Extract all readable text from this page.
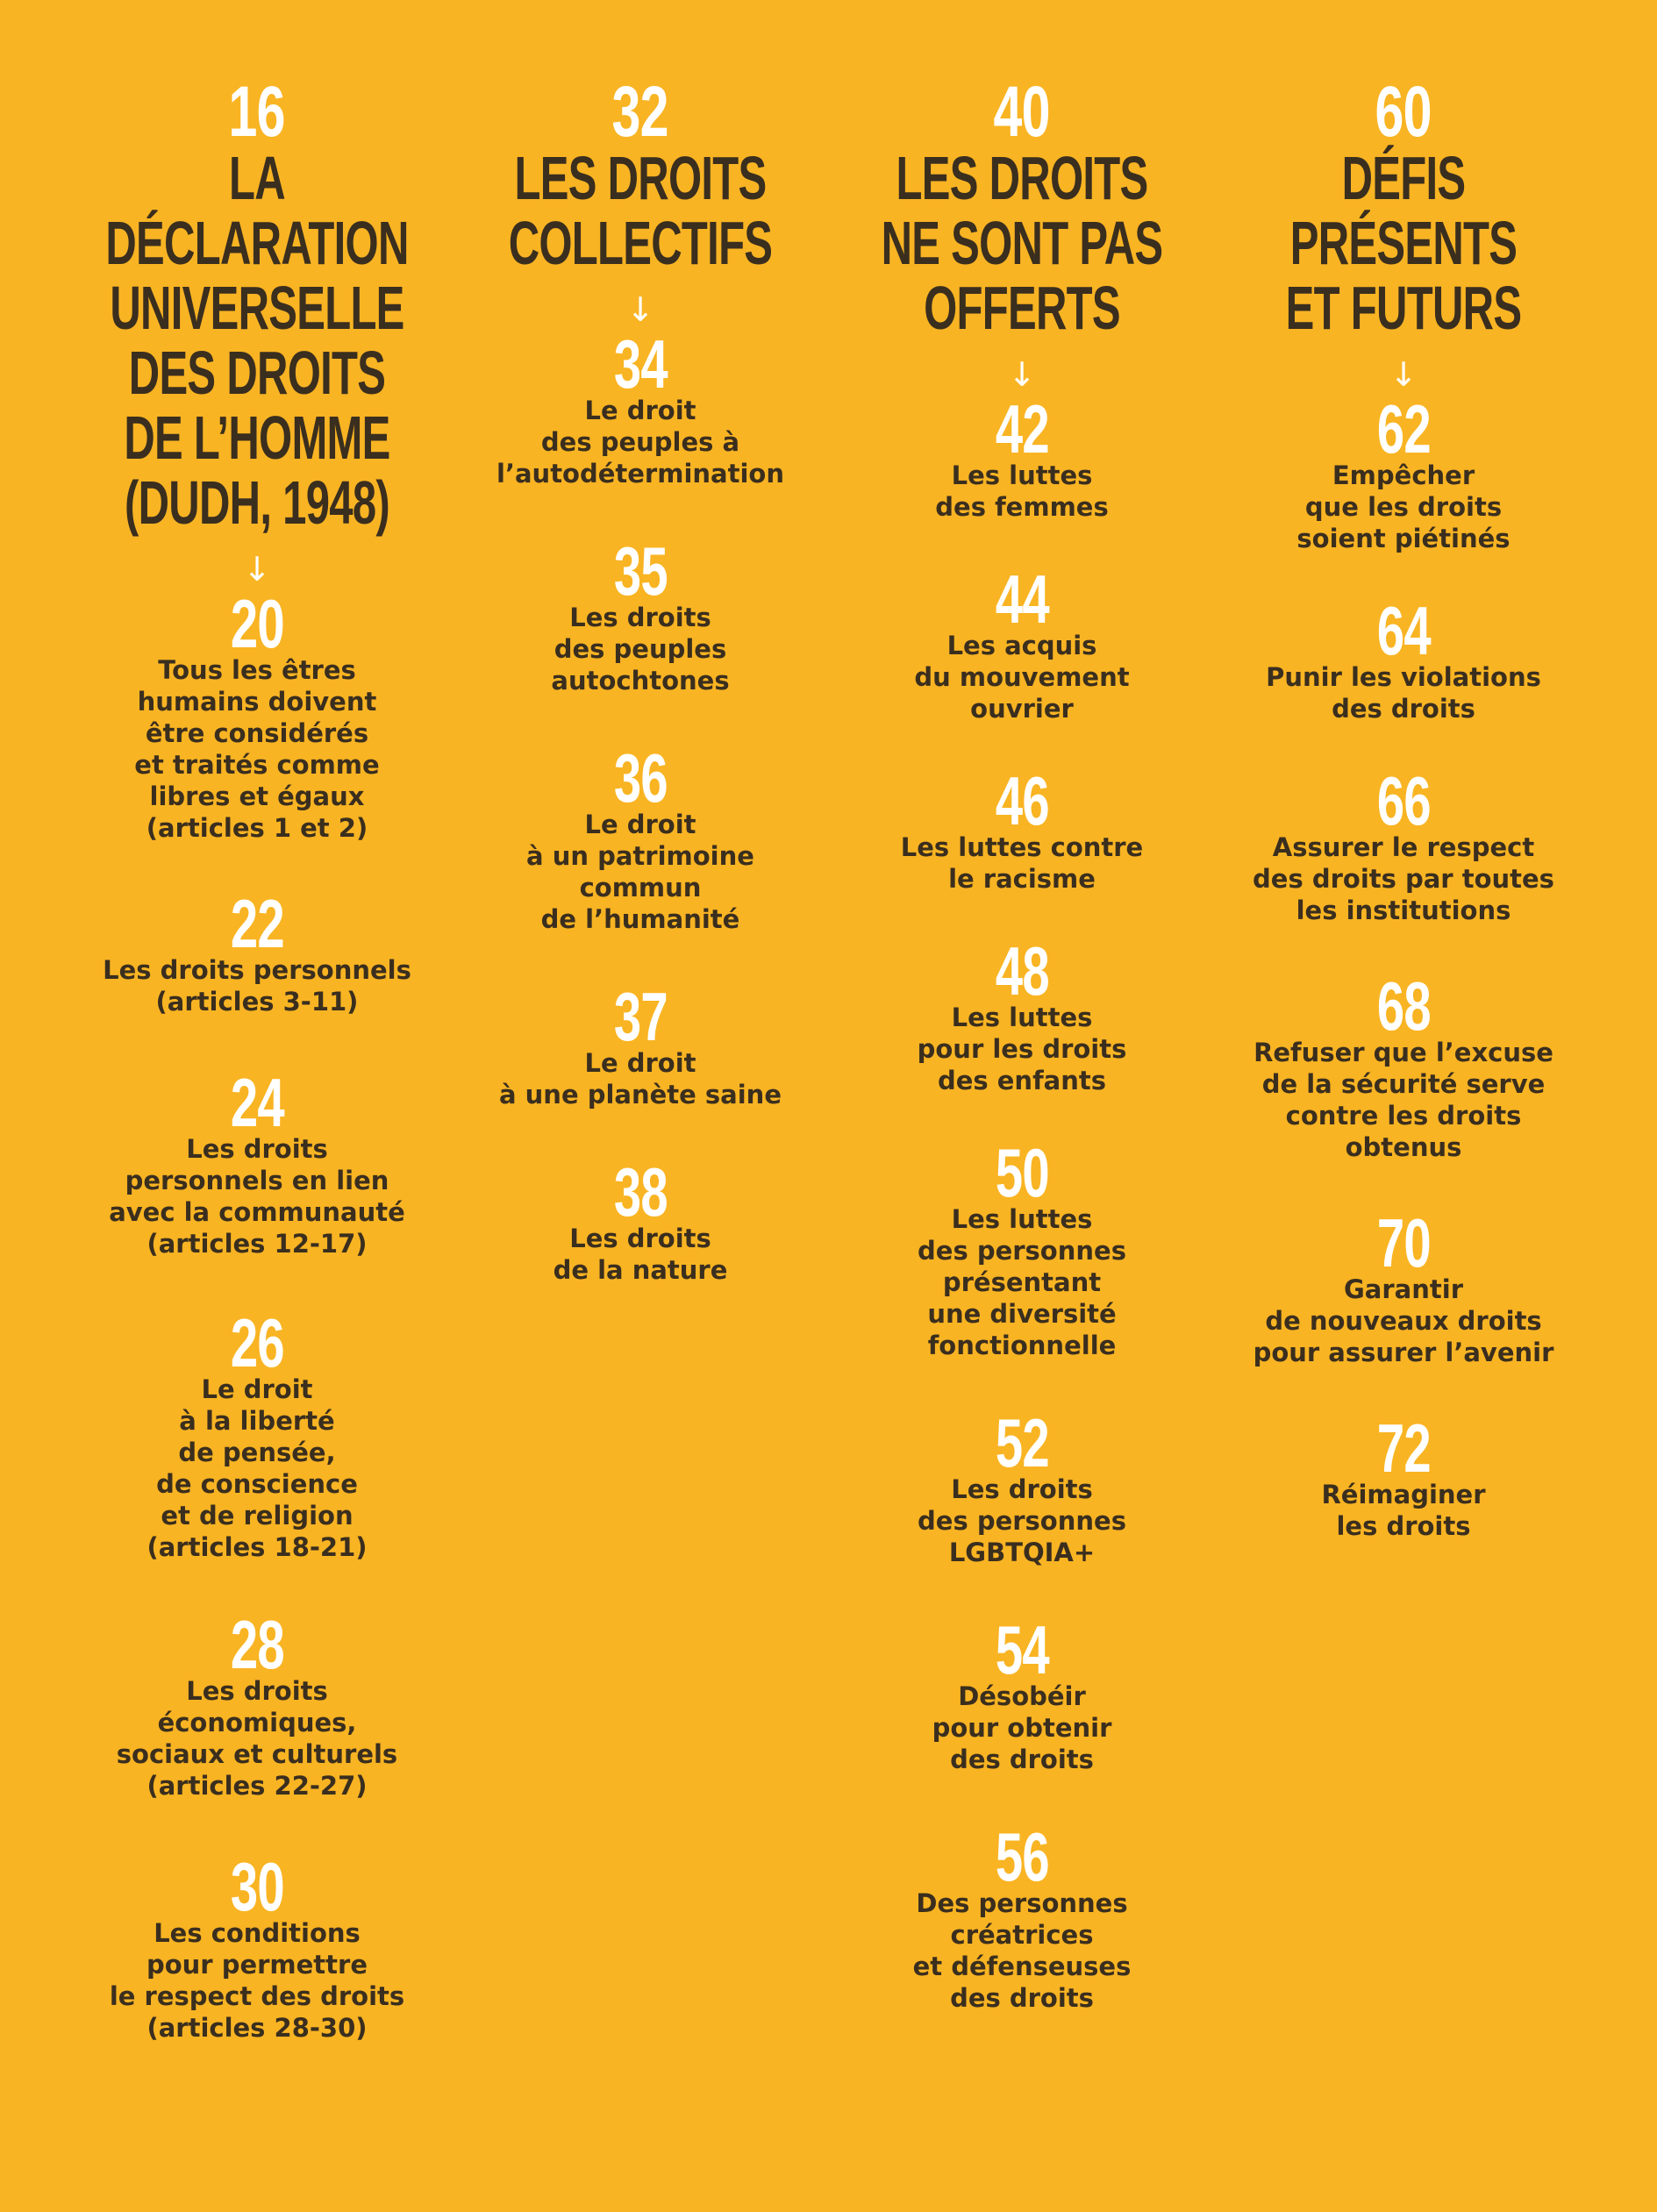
16
LA DÉCLARATION
UNIVERSELLE
DES DROITS
DE L’HOMME
(DUDH, 1948)
↓
20
Tous les êtres
humains doivent
être considérés
et traités comme
libres et égaux
(articles 1 et 2)
22
Les droits personnels
(articles 3-11)
24
Les droits
personnels en lien
avec la communauté
(articles 12-17)
26
Le droit
à la liberté
de pensée,
de conscience
et de religion
(articles 18-21)
28
Les droits
économiques,
sociaux et culturels
(articles 22-27)
30
Les conditions
pour permettre
le respect des droits
(articles 28-30)
32
LES DROITS
COLLECTIFS
↓
34
Le droit
des peuples à
l’autodétermination
35
Les droits
des peuples
autochtones
36
Le droit
à un patrimoine
commun
de l’humanité
37
Le droit
à une planète saine
38
Les droits
de la nature
40
LES DROITS
NE SONT PAS
OFFERTS
↓
42
Les luttes
des femmes
44
Les acquis
du mouvement
ouvrier
46
Les luttes contre
le racisme
48
Les luttes
pour les droits
des enfants
50
Les luttes
des personnes
présentant
une diversité
fonctionnelle
52
Les droits
des personnes
LGBTQIA+
54
Désobéir
pour obtenir
des droits
56
Des personnes
créatrices
et défenseuses
des droits
60
DÉFIS
PRÉSENTS
ET FUTURS
↓
62
Empêcher
que les droits
soient piétinés
64
Punir les violations
des droits
66
Assurer le respect
des droits par toutes
les institutions
68
Refuser que l’excuse
de la sécurité serve
contre les droits
obtenus
70
Garantir
de nouveaux droits
pour assurer l’avenir
72
Réimaginer
les droits
